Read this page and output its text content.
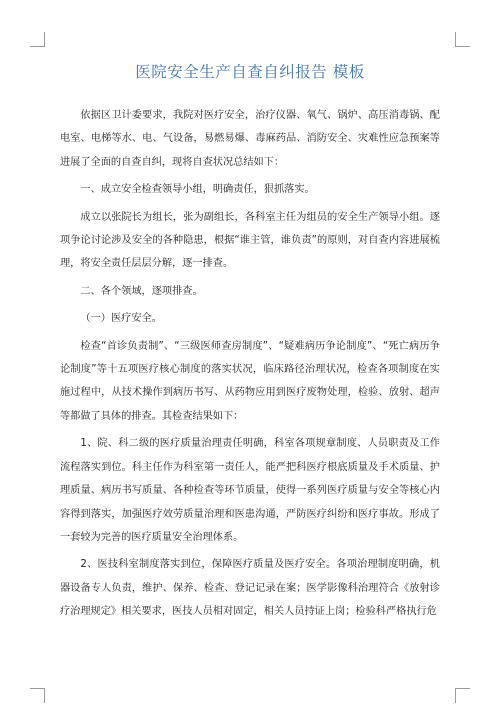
医院安全生产自查自纠报告 模板

依据区卫计委要求，我院对医疗安全，治疗仪器、氧气、锅炉、高压消毒锅、配电室、电梯等水、电、气设备，易燃易爆、毒麻药品、消防安全、灾难性应急预案等进展了全面的自查自纠，现将自查状况总结如下：

一、成立安全检查领导小组，明确责任，狠抓落实。

成立以张院长为组长，张为副组长，各科室主任为组员的安全生产领导小组。逐项争论讨论涉及安全的各种隐患，根据“谁主管，谁负责”的原则，对自查内容进展梳理，将安全责任层层分解，逐一排查。

二、各个领域，逐项排查。

（一）医疗安全。

检查“首诊负责制”、“三级医师查房制度”、“疑难病历争论制度”、“死亡病历争论制度”等十五项医疗核心制度的落实状况，临床路径治理状况，检查各项制度在实施过程中，从技术操作到病历书写、从药物应用到医疗废物处理，检验、放射、超声等都做了具体的排查。其检查结果如下：

1、院、科二级的医疗质量治理责任明确，科室各项规章制度、人员职责及工作流程落实到位。科主任作为科室第一责任人，能严把科医疗根底质量及手术质量、护理质量、病历书写质量、各种检查等环节质量，使得一系列医疗质量与安全等核心内容得到落实，加强医疗效劳质量治理和医患沟通，严防医疗纠纷和医疗事故。形成了一套较为完善的医疗质量安全治理体系。

2、医技科室制度落实到位，保障医疗质量及医疗安全。各项治理制度明确，机器设备专人负责，维护、保养、检查、登记记录在案；医学影像科治理符合《放射诊疗治理规定》相关要求，医技人员相对固定，相关人员持证上岗；检验科严格执行危
